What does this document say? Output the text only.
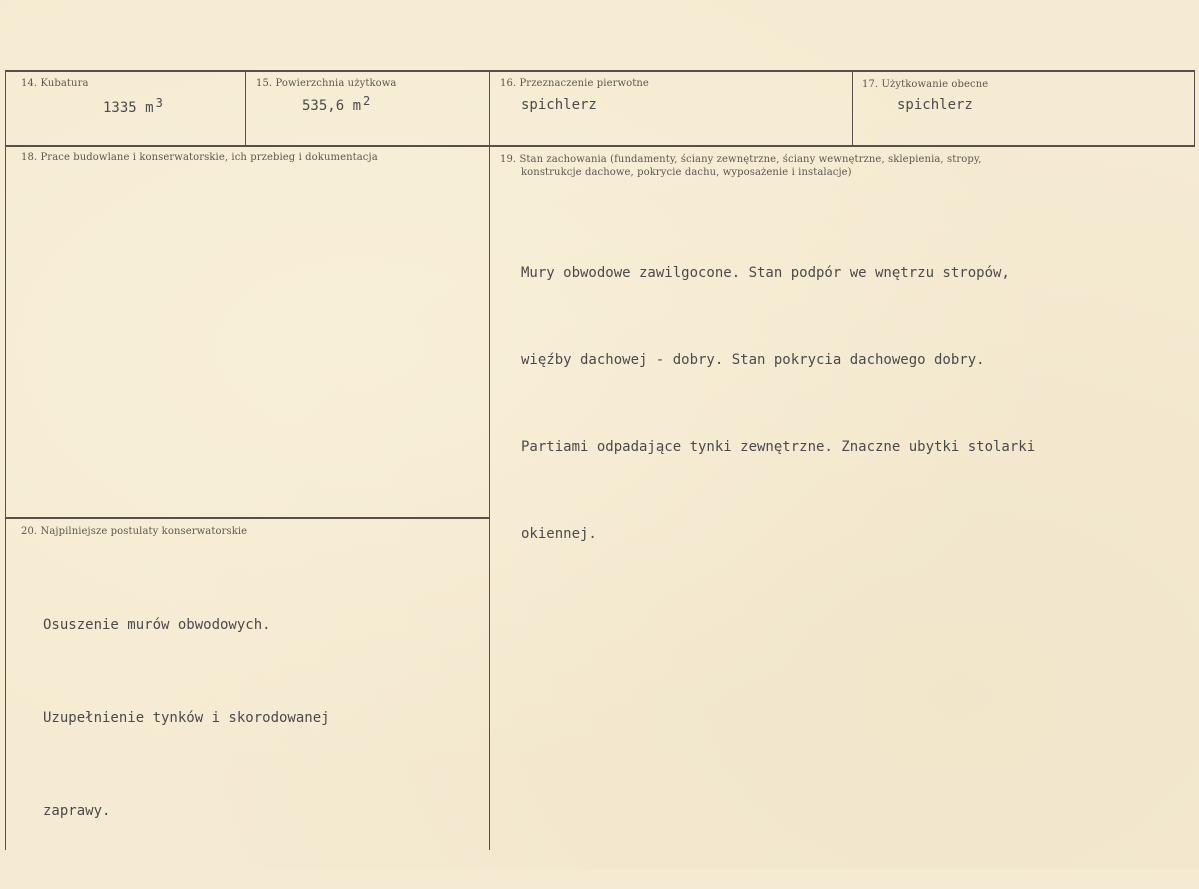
14. Kubatura
1335 m $^3$
15. Powierzchnia użytkowa
535,6 m $^2$
16. Przeznaczenie pierwotne
spichlerz
17. Użytkowanie obecne
spichlerz
18. Prace budowlane i konserwatorskie, ich przebieg i dokumentacja	19. Stan zachowania (fundamenty, ściany zewnętrzne, ściany wewnętrzne, sklepienia, stropy,
konstrukcje dachowe, pokrycie dachu, wyposażenie i instalacje)

Mury obwodowe zawilgocone. Stan podpór we wnętrzu stropów,

więźby dachowej - dobry. Stan pokrycia dachowego dobry.

Partiami odpadające tynki zewnętrzne. Znaczne ubytki stolarki

okiennej.

20. Najpilniejsze postulaty konserwatorskie

Osuszenie murów obwodowych.

Uzupełnienie tynków i skorodowanej

zaprawy.
